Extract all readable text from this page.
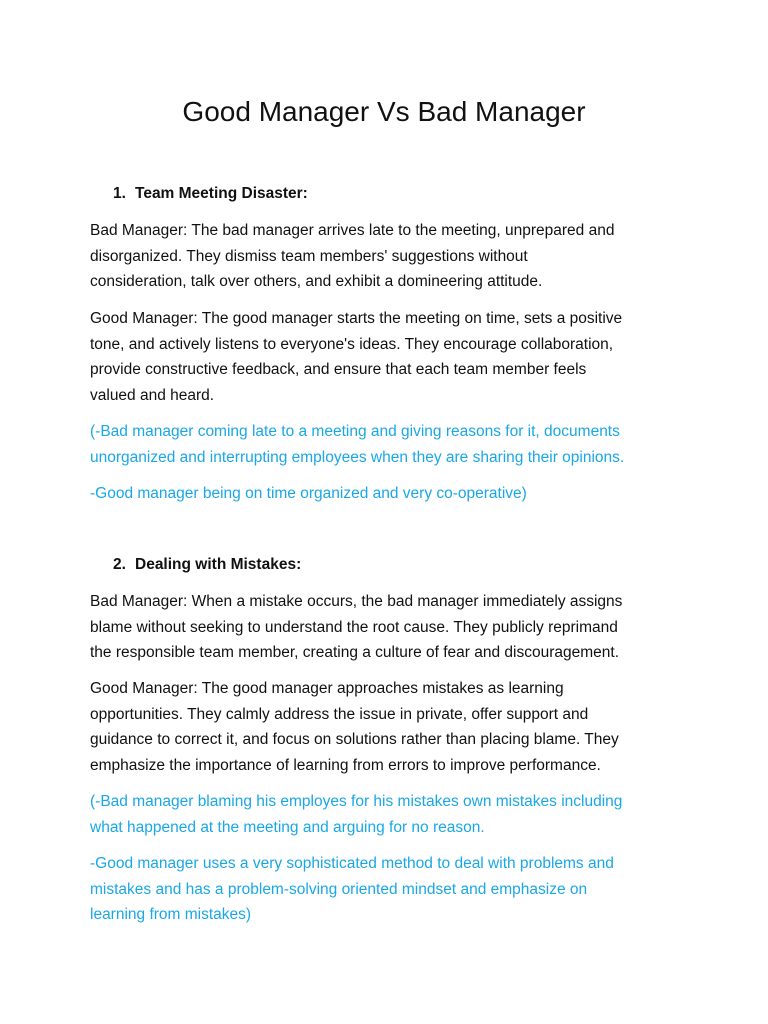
Good Manager Vs Bad Manager
1. Team Meeting Disaster:

Bad Manager: The bad manager arrives late to the meeting, unprepared and
disorganized. They dismiss team members' suggestions without
consideration, talk over others, and exhibit a domineering attitude.

Good Manager: The good manager starts the meeting on time, sets a positive
tone, and actively listens to everyone's ideas. They encourage collaboration,
provide constructive feedback, and ensure that each team member feels
valued and heard.

(-Bad manager coming late to a meeting and giving reasons for it, documents
unorganized and interrupting employees when they are sharing their opinions.

-Good manager being on time organized and very co-operative)

2. Dealing with Mistakes:

Bad Manager: When a mistake occurs, the bad manager immediately assigns
blame without seeking to understand the root cause. They publicly reprimand
the responsible team member, creating a culture of fear and discouragement.

Good Manager: The good manager approaches mistakes as learning
opportunities. They calmly address the issue in private, offer support and
guidance to correct it, and focus on solutions rather than placing blame. They
emphasize the importance of learning from errors to improve performance.

(-Bad manager blaming his employes for his mistakes own mistakes including
what happened at the meeting and arguing for no reason.

-Good manager uses a very sophisticated method to deal with problems and
mistakes and has a problem-solving oriented mindset and emphasize on
learning from mistakes)
